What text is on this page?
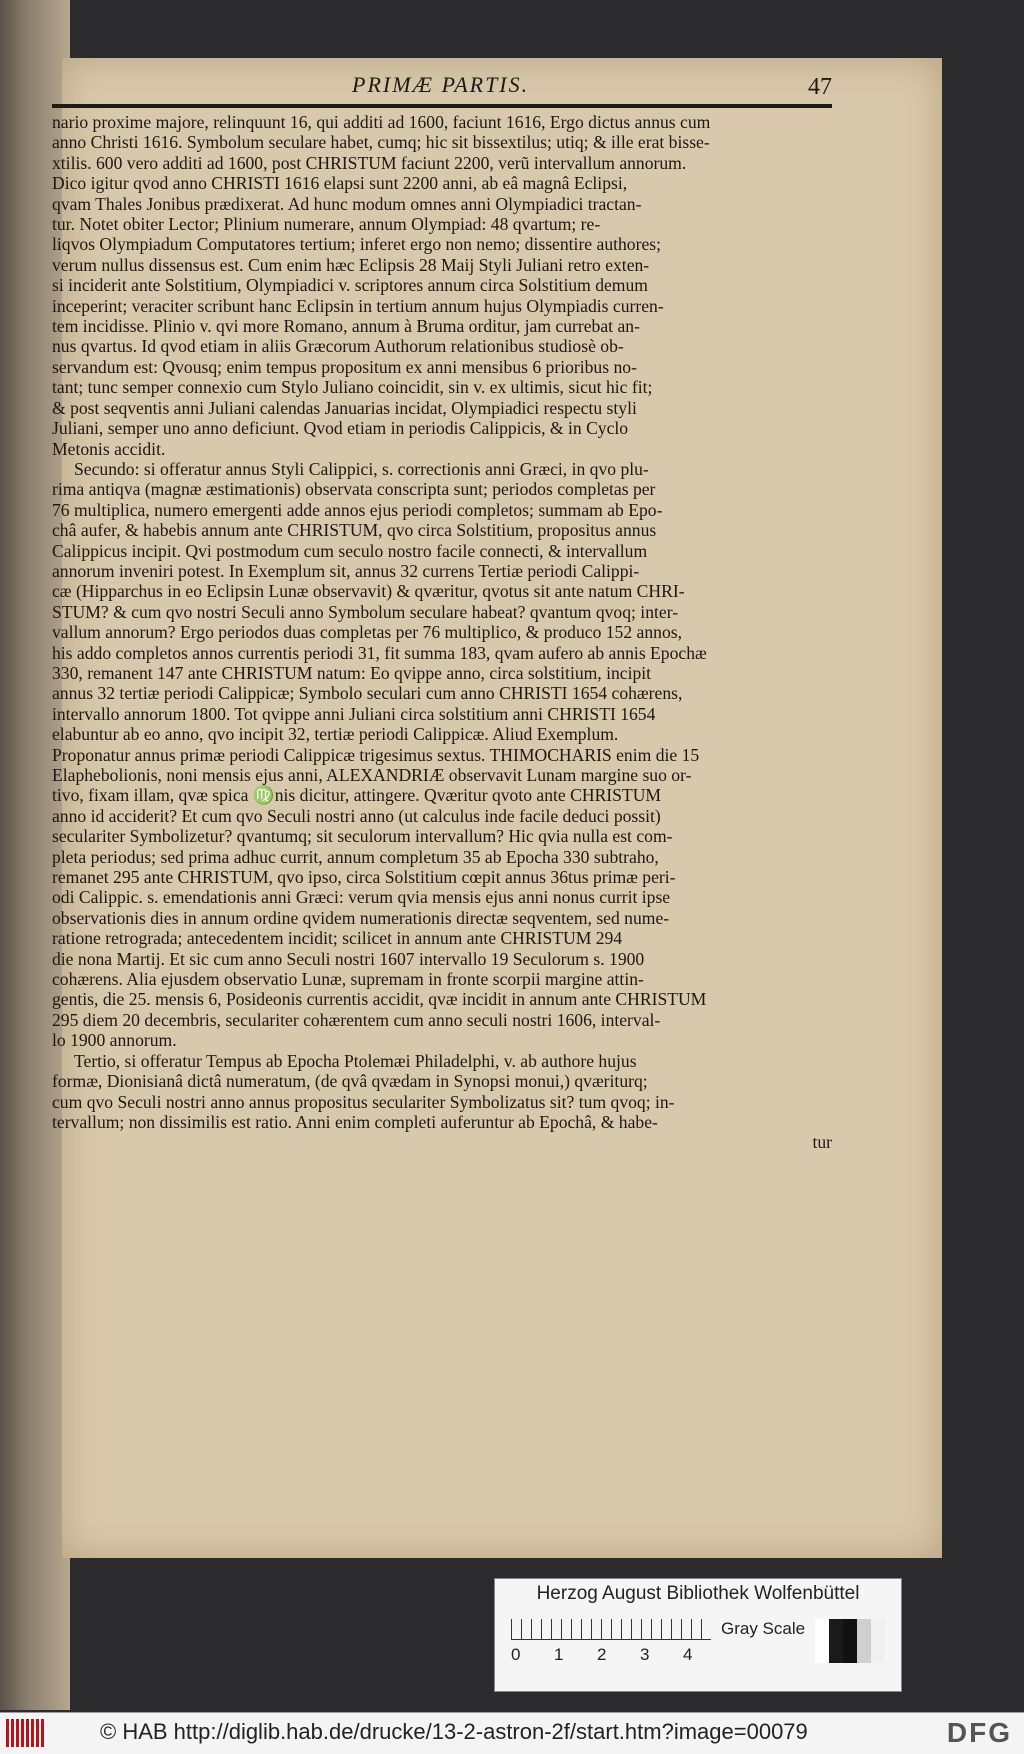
PRIMÆ PARTIS.	47
nario proxime majore, relinquunt 16, qui additi ad 1600, faciunt 1616, Ergo dictus annus cum
anno Christi 1616. Symbolum seculare habet, cumq; hic sit bissextilus; utiq; & ille erat bisse-
xtilis. 600 vero additi ad 1600, post CHRISTUM faciunt 2200, verũ intervallum annorum.
Dico igitur qvod anno CHRISTI 1616 elapsi sunt 2200 anni, ab eâ magnâ Eclipsi,
qvam Thales Jonibus prædixerat. Ad hunc modum omnes anni Olympiadici tractan-
tur. Notet obiter Lector; Plinium numerare, annum Olympiad: 48 qvartum; re-
liqvos Olympiadum Computatores tertium; inferet ergo non nemo; dissentire authores;
verum nullus dissensus est. Cum enim hæc Eclipsis 28 Maij Styli Juliani retro exten-
si inciderit ante Solstitium, Olympiadici v. scriptores annum circa Solstitium demum
inceperint; veraciter scribunt hanc Eclipsin in tertium annum hujus Olympiadis curren-
tem incidisse. Plinio v. qvi more Romano, annum à Bruma orditur, jam currebat an-
nus qvartus. Id qvod etiam in aliis Græcorum Authorum relationibus studiosè ob-
servandum est: Qvousq; enim tempus propositum ex anni mensibus 6 prioribus no-
tant; tunc semper connexio cum Stylo Juliano coincidit, sin v. ex ultimis, sicut hic fit;
& post seqventis anni Juliani calendas Januarias incidat, Olympiadici respectu styli
Juliani, semper uno anno deficiunt. Qvod etiam in periodis Calippicis, & in Cyclo
Metonis accidit.
Secundo: si offeratur annus Styli Calippici, s. correctionis anni Græci, in qvo plu-
rima antiqva (magnæ æstimationis) observata conscripta sunt; periodos completas per
76 multiplica, numero emergenti adde annos ejus periodi completos; summam ab Epo-
châ aufer, & habebis annum ante CHRISTUM, qvo circa Solstitium, propositus annus
Calippicus incipit. Qvi postmodum cum seculo nostro facile connecti, & intervallum
annorum inveniri potest. In Exemplum sit, annus 32 currens Tertiæ periodi Calippi-
cæ (Hipparchus in eo Eclipsin Lunæ observavit) & qværitur, qvotus sit ante natum CHRI-
STUM? & cum qvo nostri Seculi anno Symbolum seculare habeat? qvantum qvoq; inter-
vallum annorum? Ergo periodos duas completas per 76 multiplico, & produco 152 annos,
his addo completos annos currentis periodi 31, fit summa 183, qvam aufero ab annis Epochæ
330, remanent 147 ante CHRISTUM natum: Eo qvippe anno, circa solstitium, incipit
annus 32 tertiæ periodi Calippicæ; Symbolo seculari cum anno CHRISTI 1654 cohærens,
intervallo annorum 1800. Tot qvippe anni Juliani circa solstitium anni CHRISTI 1654
elabuntur ab eo anno, qvo incipit 32, tertiæ periodi Calippicæ. Aliud Exemplum.
Proponatur annus primæ periodi Calippicæ trigesimus sextus. THIMOCHARIS enim die 15
Elaphebolionis, noni mensis ejus anni, ALEXANDRIÆ observavit Lunam margine suo or-
tivo, fixam illam, qvæ spica ♍nis dicitur, attingere. Qværitur qvoto ante CHRISTUM
anno id acciderit? Et cum qvo Seculi nostri anno (ut calculus inde facile deduci possit)
seculariter Symbolizetur? qvantumq; sit seculorum intervallum? Hic qvia nulla est com-
pleta periodus; sed prima adhuc currit, annum completum 35 ab Epocha 330 subtraho,
remanet 295 ante CHRISTUM, qvo ipso, circa Solstitium cœpit annus 36tus primæ peri-
odi Calippic. s. emendationis anni Græci: verum qvia mensis ejus anni nonus currit ipse
observationis dies in annum ordine qvidem numerationis directæ seqventem, sed nume-
ratione retrograda; antecedentem incidit; scilicet in annum ante CHRISTUM 294
die nona Martij. Et sic cum anno Seculi nostri 1607 intervallo 19 Seculorum s. 1900
cohærens. Alia ejusdem observatio Lunæ, supremam in fronte scorpii margine attin-
gentis, die 25. mensis 6, Posideonis currentis accidit, qvæ incidit in annum ante CHRISTUM
295 diem 20 decembris, seculariter cohærentem cum anno seculi nostri 1606, interval-
lo 1900 annorum.
Tertio, si offeratur Tempus ab Epocha Ptolemæi Philadelphi, v. ab authore hujus
formæ, Dionisianâ dictâ numeratum, (de qvâ qvædam in Synopsi monui,) qværiturq;
cum qvo Seculi nostri anno annus propositus seculariter Symbolizatus sit? tum qvoq; in-
tervallum; non dissimilis est ratio. Anni enim completi auferuntur ab Epochâ, & habe-
tur
Herzog August Bibliothek Wolfenbüttel
0 1 2 3 4
Gray Scale
© HAB http://diglib.hab.de/drucke/13-2-astron-2f/start.htm?image=00079	DFG
